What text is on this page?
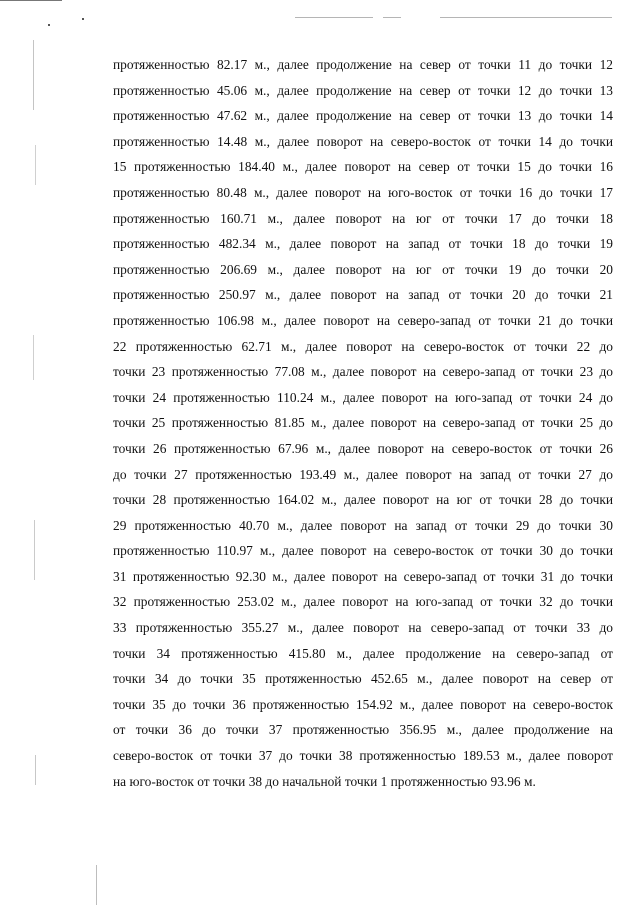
протяженностью 82.17 м., далее продолжение на север от точки 11 до точки 12
протяженностью 45.06 м., далее продолжение на север от точки 12 до точки 13
протяженностью 47.62 м., далее продолжение на север от точки 13 до точки 14
протяженностью 14.48 м., далее поворот на северо-восток от точки 14 до точки
15 протяженностью 184.40 м., далее поворот на север от точки 15 до точки 16
протяженностью 80.48 м., далее поворот на юго-восток от точки 16 до точки 17
протяженностью 160.71 м., далее поворот на юг от точки 17 до точки 18
протяженностью 482.34 м., далее поворот на запад от точки 18 до точки 19
протяженностью 206.69 м., далее поворот на юг от точки 19 до точки 20
протяженностью 250.97 м., далее поворот на запад от точки 20 до точки 21
протяженностью 106.98 м., далее поворот на северо-запад от точки 21 до точки
22 протяженностью 62.71 м., далее поворот на северо-восток от точки 22 до
точки 23 протяженностью 77.08 м., далее поворот на северо-запад от точки 23 до
точки 24 протяженностью 110.24 м., далее поворот на юго-запад от точки 24 до
точки 25 протяженностью 81.85 м., далее поворот на северо-запад от точки 25 до
точки 26 протяженностью 67.96 м., далее поворот на северо-восток от точки 26
до точки 27 протяженностью 193.49 м., далее поворот на запад от точки 27 до
точки 28 протяженностью 164.02 м., далее поворот на юг от точки 28 до точки
29 протяженностью 40.70 м., далее поворот на запад от точки 29 до точки 30
протяженностью 110.97 м., далее поворот на северо-восток от точки 30 до точки
31 протяженностью 92.30 м., далее поворот на северо-запад от точки 31 до точки
32 протяженностью 253.02 м., далее поворот на юго-запад от точки 32 до точки
33 протяженностью 355.27 м., далее поворот на северо-запад от точки 33 до
точки 34 протяженностью 415.80 м., далее продолжение на северо-запад от
точки 34 до точки 35 протяженностью 452.65 м., далее поворот на север от
точки 35 до точки 36 протяженностью 154.92 м., далее поворот на северо-восток
от точки 36 до точки 37 протяженностью 356.95 м., далее продолжение на
северо-восток от точки 37 до точки 38 протяженностью 189.53 м., далее поворот
на юго-восток от точки 38 до начальной точки 1 протяженностью 93.96 м.
